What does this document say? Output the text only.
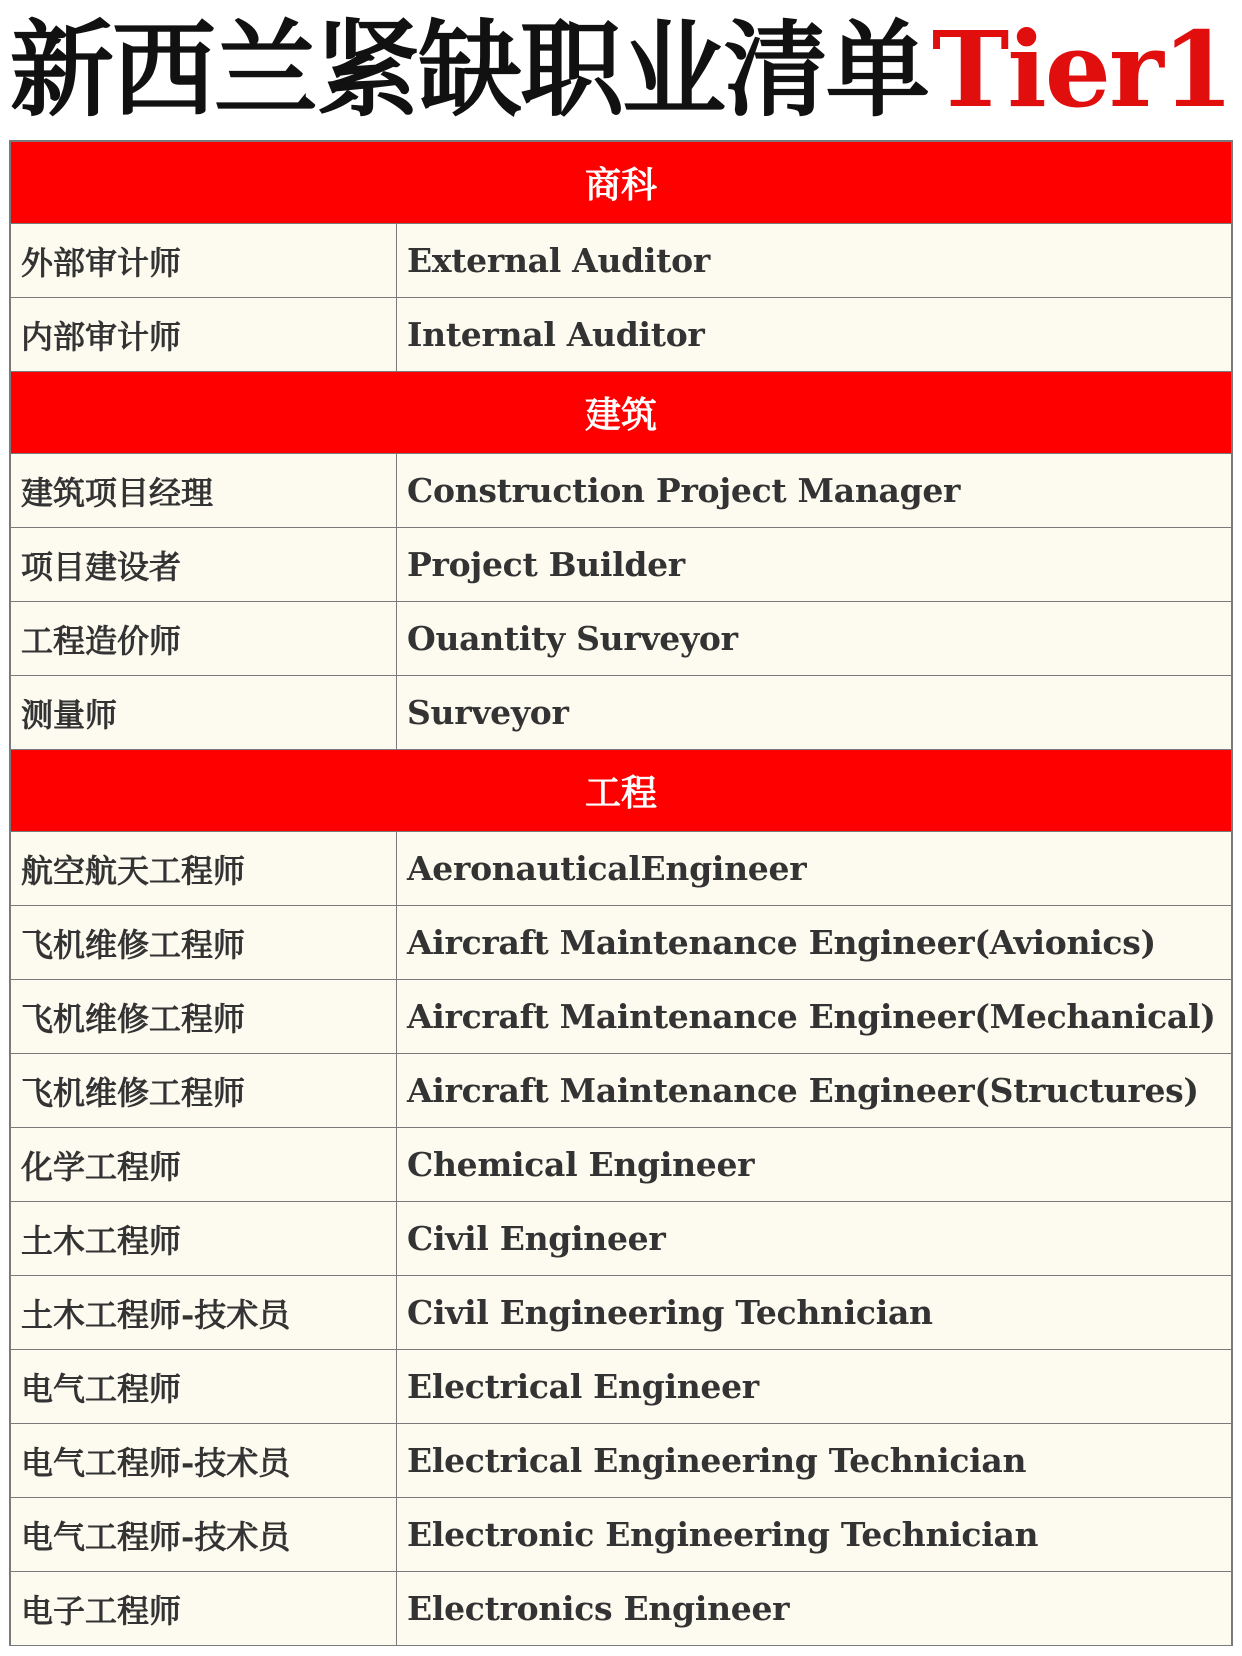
新西兰紧缺职业清单 Tier1
商科
外部审计师	External Auditor
内部审计师	Internal Auditor
建筑
建筑项目经理	Construction Project Manager
项目建设者	Project Builder
工程造价师	Ouantity Surveyor
测量师	Surveyor
工程
航空航天工程师	AeronauticalEngineer
飞机维修工程师	Aircraft Maintenance Engineer(Avionics)
飞机维修工程师	Aircraft Maintenance Engineer(Mechanical)
飞机维修工程师	Aircraft Maintenance Engineer(Structures)
化学工程师	Chemical Engineer
土木工程师	Civil Engineer
土木工程师-技术员	Civil Engineering Technician
电气工程师	Electrical Engineer
电气工程师-技术员	Electrical Engineering Technician
电气工程师-技术员	Electronic Engineering Technician
电子工程师	Electronics Engineer
